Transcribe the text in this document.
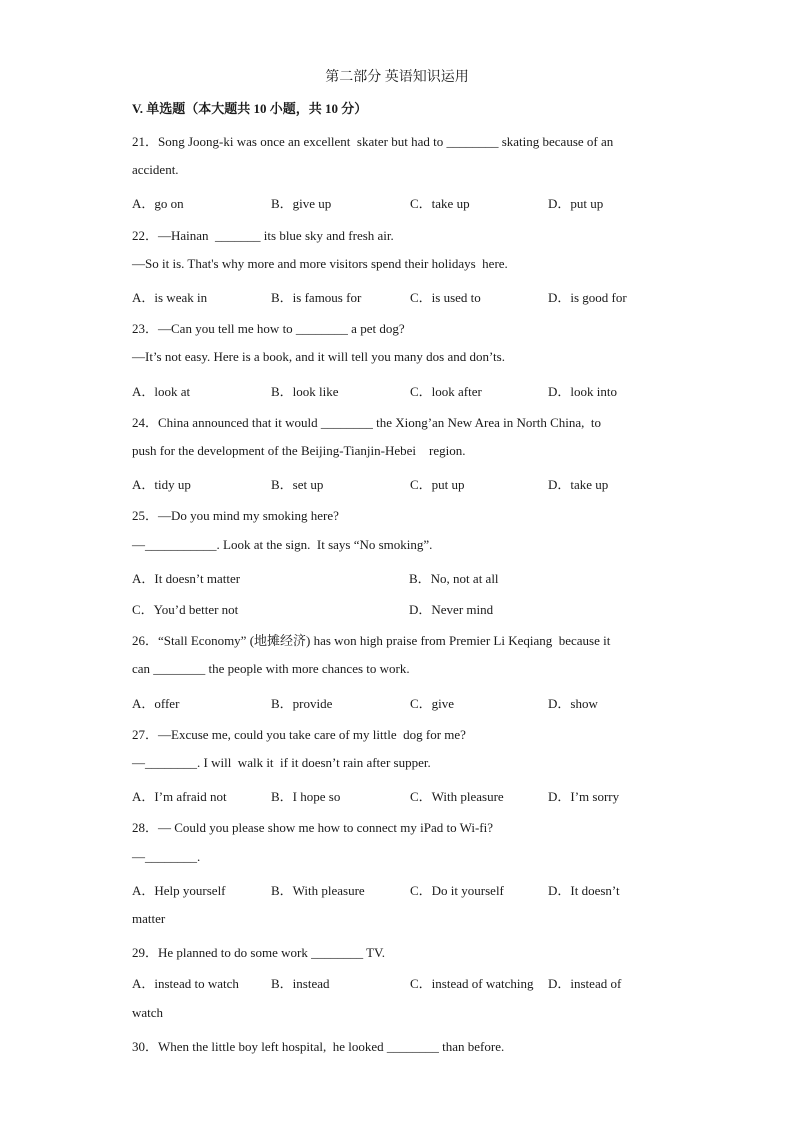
第二部分 英语知识运用
V. 单选题（本大题共 10 小题，共 10 分）
21．Song Joong-ki was once an excellent  skater but had to ________ skating because of an
accident.
A．go on	B．give up	C．take up	D．put up
22．—Hainan  _______ its blue sky and fresh air.
—So it is. That's why more and more visitors spend their holidays  here.
A．is weak in	B．is famous for	C．is used to	D．is good for
23．—Can you tell me how to ________ a pet dog?
—It’s not easy. Here is a book, and it will tell you many dos and don’ts.
A．look at	B．look like	C．look after	D．look into
24．China announced that it would ________ the Xiong’an New Area in North China,  to
push for the development of the Beijing-Tianjin-Hebei    region.
A．tidy up	B．set up	C．put up	D．take up
25．—Do you mind my smoking here?
—___________. Look at the sign.  It says “No smoking”.
A．It doesn’t matter	B．No, not at all
C．You’d better not	D．Never mind
26．“Stall Economy” (地摊经济) has won high praise from Premier Li Keqiang  because it
can ________ the people with more chances to work.
A．offer	B．provide	C．give	D．show
27．—Excuse me, could you take care of my little  dog for me?
—________. I will  walk it  if it doesn’t rain after supper.
A．I’m afraid not	B．I hope so	C．With pleasure	D．I’m sorry
28．— Could you please show me how to connect my iPad to Wi-fi?
—________.
A．Help yourself	B．With pleasure	C．Do it yourself	D．It doesn’t
matter
29．He planned to do some work ________ TV.
A．instead to watch B．instead	C．instead of watching D．instead of
watch
30．When the little boy left hospital,  he looked ________ than before.
